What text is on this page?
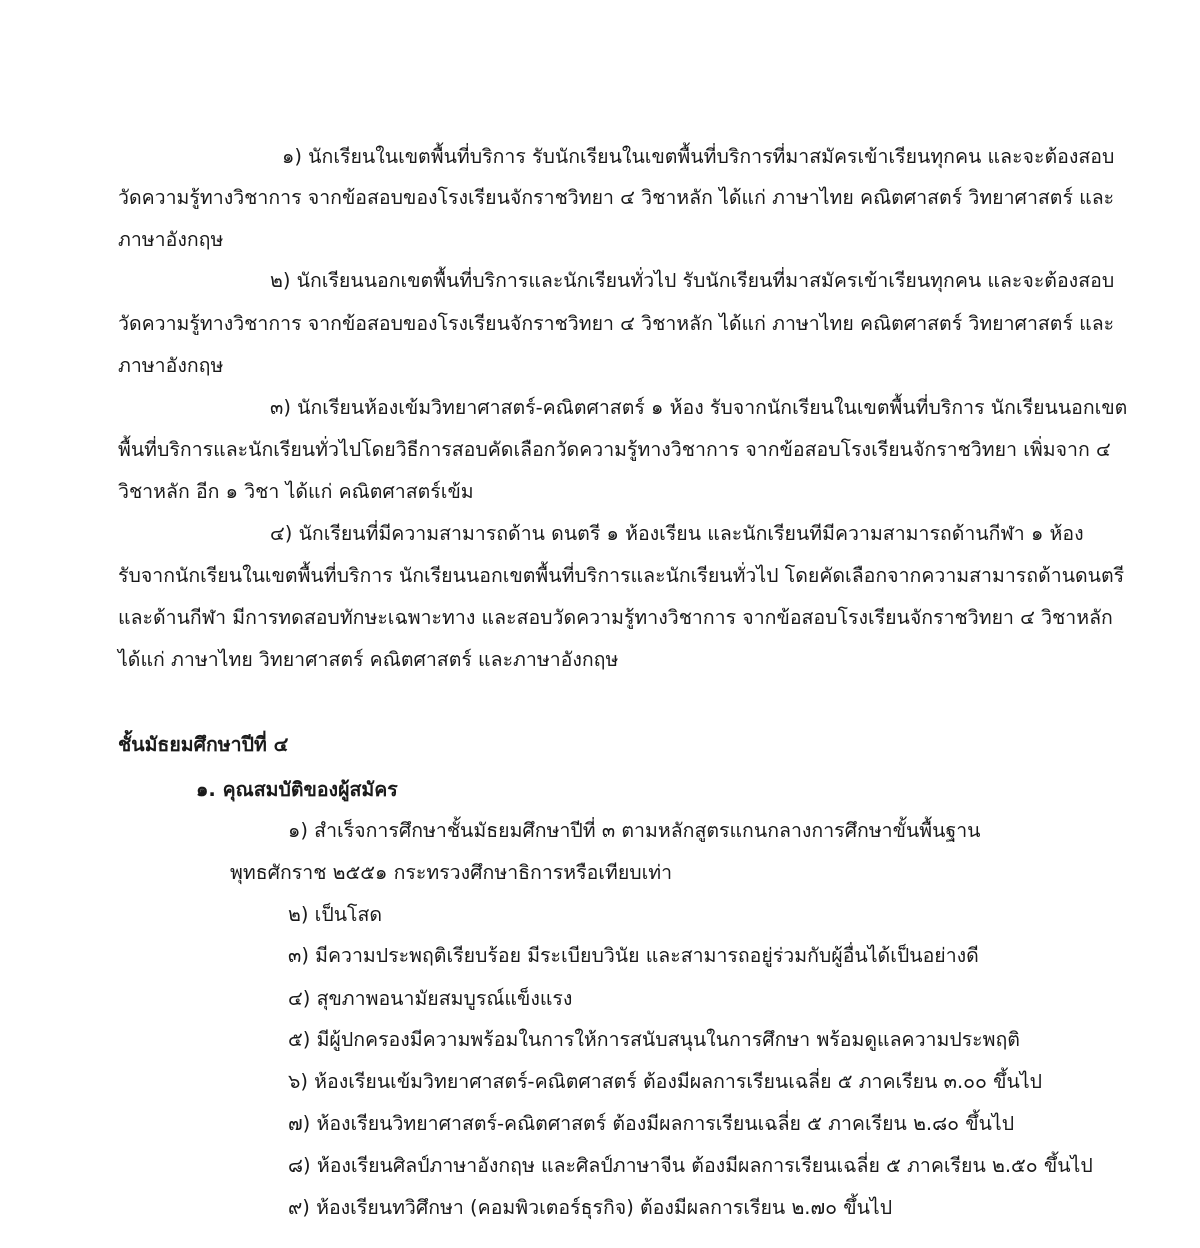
๑) นักเรียนในเขตพื้นที่บริการ รับนักเรียนในเขตพื้นที่บริการที่มาสมัครเข้าเรียนทุกคน และจะต้องสอบ
วัดความรู้ทางวิชาการ จากข้อสอบของโรงเรียนจักราชวิทยา ๔ วิชาหลัก ได้แก่ ภาษาไทย คณิตศาสตร์ วิทยาศาสตร์ และ
ภาษาอังกฤษ
๒) นักเรียนนอกเขตพื้นที่บริการและนักเรียนทั่วไป รับนักเรียนที่มาสมัครเข้าเรียนทุกคน และจะต้องสอบ
วัดความรู้ทางวิชาการ จากข้อสอบของโรงเรียนจักราชวิทยา ๔ วิชาหลัก ได้แก่ ภาษาไทย คณิตศาสตร์ วิทยาศาสตร์ และ
ภาษาอังกฤษ
๓) นักเรียนห้องเข้มวิทยาศาสตร์-คณิตศาสตร์ ๑ ห้อง รับจากนักเรียนในเขตพื้นที่บริการ นักเรียนนอกเขต
พื้นที่บริการและนักเรียนทั่วไปโดยวิธีการสอบคัดเลือกวัดความรู้ทางวิชาการ จากข้อสอบโรงเรียนจักราชวิทยา เพิ่มจาก ๔
วิชาหลัก อีก ๑ วิชา ได้แก่ คณิตศาสตร์เข้ม
๔) นักเรียนที่มีความสามารถด้าน ดนตรี ๑ ห้องเรียน และนักเรียนทีมีความสามารถด้านกีฬา ๑ ห้อง
รับจากนักเรียนในเขตพื้นที่บริการ นักเรียนนอกเขตพื้นที่บริการและนักเรียนทั่วไป โดยคัดเลือกจากความสามารถด้านดนตรี
และด้านกีฬา มีการทดสอบทักษะเฉพาะทาง และสอบวัดความรู้ทางวิชาการ จากข้อสอบโรงเรียนจักราชวิทยา ๔ วิชาหลัก
ได้แก่ ภาษาไทย วิทยาศาสตร์ คณิตศาสตร์ และภาษาอังกฤษ
ชั้นมัธยมศึกษาปีที่ ๔
๑. คุณสมบัติของผู้สมัคร
๑) สำเร็จการศึกษาชั้นมัธยมศึกษาปีที่ ๓ ตามหลักสูตรแกนกลางการศึกษาขั้นพื้นฐาน
พุทธศักราช ๒๕๕๑ กระทรวงศึกษาธิการหรือเทียบเท่า
๒) เป็นโสด
๓) มีความประพฤติเรียบร้อย มีระเบียบวินัย และสามารถอยู่ร่วมกับผู้อื่นได้เป็นอย่างดี
๔) สุขภาพอนามัยสมบูรณ์แข็งแรง
๕) มีผู้ปกครองมีความพร้อมในการให้การสนับสนุนในการศึกษา พร้อมดูแลความประพฤติ
๖) ห้องเรียนเข้มวิทยาศาสตร์-คณิตศาสตร์ ต้องมีผลการเรียนเฉลี่ย ๕ ภาคเรียน ๓.๐๐ ขึ้นไป
๗) ห้องเรียนวิทยาศาสตร์-คณิตศาสตร์ ต้องมีผลการเรียนเฉลี่ย ๕ ภาคเรียน ๒.๘๐ ขึ้นไป
๘) ห้องเรียนศิลป์ภาษาอังกฤษ และศิลป์ภาษาจีน ต้องมีผลการเรียนเฉลี่ย ๕ ภาคเรียน ๒.๕๐ ขึ้นไป
๙) ห้องเรียนทวิศึกษา (คอมพิวเตอร์ธุรกิจ) ต้องมีผลการเรียน ๒.๗๐ ขึ้นไป
